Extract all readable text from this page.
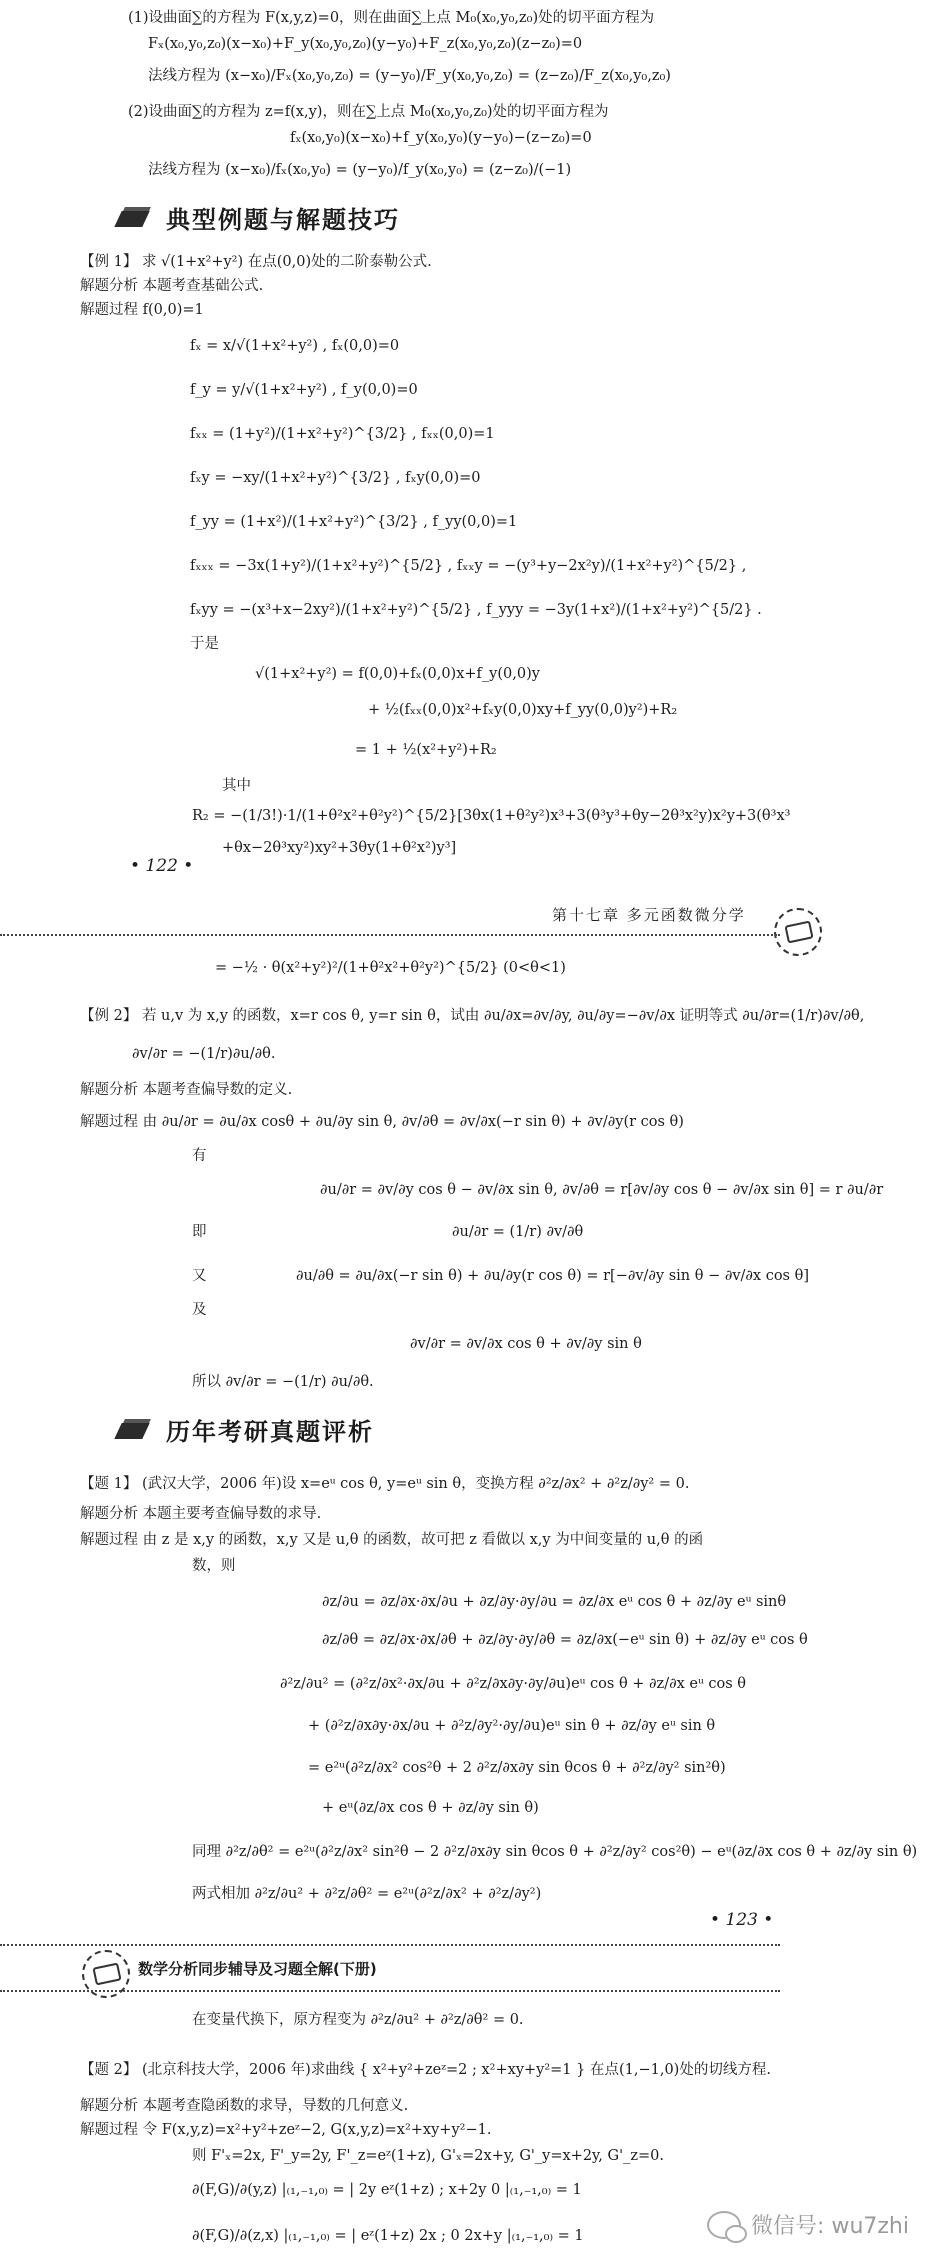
典型例题与解题技巧
• 122 •
第十七章 多元函数微分学
历年考研真题评析
• 123 •
数学分析同步辅导及习题全解(下册)
微信号: wu7zhi
(1)设曲面∑的方程为 F(x,y,z)=0，则在曲面∑上点 M₀(x₀,y₀,z₀)处的切平面方程为
Fₓ(x₀,y₀,z₀)(x−x₀)+F_y(x₀,y₀,z₀)(y−y₀)+F_z(x₀,y₀,z₀)(z−z₀)=0
法线方程为 (x−x₀)/Fₓ(x₀,y₀,z₀) = (y−y₀)/F_y(x₀,y₀,z₀) = (z−z₀)/F_z(x₀,y₀,z₀)
(2)设曲面∑的方程为 z=f(x,y)，则在∑上点 M₀(x₀,y₀,z₀)处的切平面方程为
fₓ(x₀,y₀)(x−x₀)+f_y(x₀,y₀)(y−y₀)−(z−z₀)=0
法线方程为 (x−x₀)/fₓ(x₀,y₀) = (y−y₀)/f_y(x₀,y₀) = (z−z₀)/(−1)
【例 1】 求 √(1+x²+y²) 在点(0,0)处的二阶泰勒公式.
解题分析 本题考查基础公式.
解题过程 f(0,0)=1
fₓ = x/√(1+x²+y²) , fₓ(0,0)=0
f_y = y/√(1+x²+y²) , f_y(0,0)=0
fₓₓ = (1+y²)/(1+x²+y²)^{3/2} , fₓₓ(0,0)=1
fₓy = −xy/(1+x²+y²)^{3/2} , fₓy(0,0)=0
f_yy = (1+x²)/(1+x²+y²)^{3/2} , f_yy(0,0)=1
fₓₓₓ = −3x(1+y²)/(1+x²+y²)^{5/2} , fₓₓy = −(y³+y−2x²y)/(1+x²+y²)^{5/2} ,
fₓyy = −(x³+x−2xy²)/(1+x²+y²)^{5/2} , f_yyy = −3y(1+x²)/(1+x²+y²)^{5/2} .
于是
√(1+x²+y²) = f(0,0)+fₓ(0,0)x+f_y(0,0)y
+ ½(fₓₓ(0,0)x²+fₓy(0,0)xy+f_yy(0,0)y²)+R₂
= 1 + ½(x²+y²)+R₂
其中
R₂ = −(1/3!)·1/(1+θ²x²+θ²y²)^{5/2}[3θx(1+θ²y²)x³+3(θ³y³+θy−2θ³x²y)x²y+3(θ³x³
+θx−2θ³xy²)xy²+3θy(1+θ²x²)y³]
= −½ · θ(x²+y²)²/(1+θ²x²+θ²y²)^{5/2} (0<θ<1)
【例 2】 若 u,v 为 x,y 的函数，x=r cos θ, y=r sin θ，试由 ∂u/∂x=∂v/∂y, ∂u/∂y=−∂v/∂x 证明等式 ∂u/∂r=(1/r)∂v/∂θ,
∂v/∂r = −(1/r)∂u/∂θ.
解题分析 本题考查偏导数的定义.
解题过程 由 ∂u/∂r = ∂u/∂x cosθ + ∂u/∂y sin θ, ∂v/∂θ = ∂v/∂x(−r sin θ) + ∂v/∂y(r cos θ)
有
∂u/∂r = ∂v/∂y cos θ − ∂v/∂x sin θ, ∂v/∂θ = r[∂v/∂y cos θ − ∂v/∂x sin θ] = r ∂u/∂r
即	∂u/∂r = (1/r) ∂v/∂θ
又	∂u/∂θ = ∂u/∂x(−r sin θ) + ∂u/∂y(r cos θ) = r[−∂v/∂y sin θ − ∂v/∂x cos θ]
及
∂v/∂r = ∂v/∂x cos θ + ∂v/∂y sin θ
所以 ∂v/∂r = −(1/r) ∂u/∂θ.
【题 1】 (武汉大学，2006 年)设 x=eᵘ cos θ, y=eᵘ sin θ，变换方程 ∂²z/∂x² + ∂²z/∂y² = 0.
解题分析 本题主要考查偏导数的求导.
解题过程 由 z 是 x,y 的函数，x,y 又是 u,θ 的函数，故可把 z 看做以 x,y 为中间变量的 u,θ 的函
数，则
∂z/∂u = ∂z/∂x·∂x/∂u + ∂z/∂y·∂y/∂u = ∂z/∂x eᵘ cos θ + ∂z/∂y eᵘ sinθ
∂z/∂θ = ∂z/∂x·∂x/∂θ + ∂z/∂y·∂y/∂θ = ∂z/∂x(−eᵘ sin θ) + ∂z/∂y eᵘ cos θ
∂²z/∂u² = (∂²z/∂x²·∂x/∂u + ∂²z/∂x∂y·∂y/∂u)eᵘ cos θ + ∂z/∂x eᵘ cos θ
+ (∂²z/∂x∂y·∂x/∂u + ∂²z/∂y²·∂y/∂u)eᵘ sin θ + ∂z/∂y eᵘ sin θ
= e²ᵘ(∂²z/∂x² cos²θ + 2 ∂²z/∂x∂y sin θcos θ + ∂²z/∂y² sin²θ)
+ eᵘ(∂z/∂x cos θ + ∂z/∂y sin θ)
同理 ∂²z/∂θ² = e²ᵘ(∂²z/∂x² sin²θ − 2 ∂²z/∂x∂y sin θcos θ + ∂²z/∂y² cos²θ) − eᵘ(∂z/∂x cos θ + ∂z/∂y sin θ)
两式相加 ∂²z/∂u² + ∂²z/∂θ² = e²ᵘ(∂²z/∂x² + ∂²z/∂y²)
在变量代换下，原方程变为 ∂²z/∂u² + ∂²z/∂θ² = 0.
【题 2】 (北京科技大学，2006 年)求曲线 { x²+y²+zeᶻ=2 ; x²+xy+y²=1 } 在点(1,−1,0)处的切线方程.
解题分析 本题考查隐函数的求导，导数的几何意义.
解题过程 令 F(x,y,z)=x²+y²+zeᶻ−2, G(x,y,z)=x²+xy+y²−1.
则 F'ₓ=2x, F'_y=2y, F'_z=eᶻ(1+z), G'ₓ=2x+y, G'_y=x+2y, G'_z=0.
∂(F,G)/∂(y,z) |₍₁,₋₁,₀₎ = | 2y eᶻ(1+z) ; x+2y 0 |₍₁,₋₁,₀₎ = 1
∂(F,G)/∂(z,x) |₍₁,₋₁,₀₎ = | eᶻ(1+z) 2x ; 0 2x+y |₍₁,₋₁,₀₎ = 1
